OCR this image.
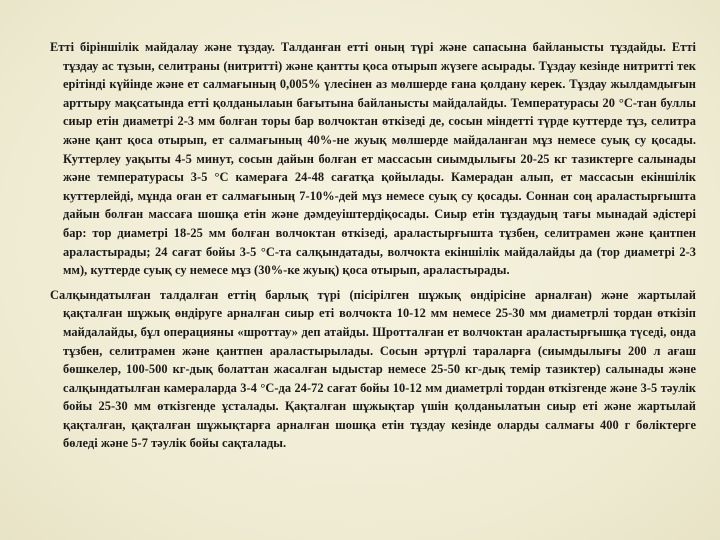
Етті біріншілік майдалау және тұздау. Талданған етті оның түрі және сапасына байланысты тұздайды. Етті тұздау ас тұзын, селитраны (нитритті) және қантты қоса отырып жүзеге асырады. Тұздау кезінде нитритті тек ерітінді күйінде және ет салмағының 0,005% үлесінен аз мөлшерде ғана қолдану керек. Тұздау жылдамдығын арттыру мақсатында етті қолданылаын бағытына байланысты майдалайды. Температурасы 20 °С-тан буллы сиыр етін диаметрі 2-3 мм болған торы бар волчоктан өткізеді де, сосын міндетті түрде куттерде тұз, селитра және қант қоса отырып, ет салмағының 40%-не жуық мөлшерде майдаланған мұз немесе суық су қосады. Куттерлеу уақыты 4-5 минут, сосын дайын болған ет массасын сиымдылығы 20-25 кг тазиктерге салынады және температурасы 3-5 °С камераға 24-48 сағатқа қойылады. Камерадан алып, ет массасын екіншілік куттерлейді, мұнда оған ет салмағының 7-10%-дей мұз немесе суық су қосады. Соннан соң араластырғышта дайын болған массаға шошқа етін және дәмдеуіштердіқосады. Сиыр етін тұздаудың тағы мынадай әдістері бар: тор диаметрі 18-25 мм болған волчоктан өткізеді, араластырғышта тұзбен, селитрамен және қантпен араластырады; 24 сағат бойы 3-5 °С-та салқындатады, волчокта екіншілік майдалайды да (тор диаметрі 2-3 мм), куттерде суық су немесе мұз (30%-ке жуық) қоса отырып, араластырады.

Салқындатылған талдалған еттің барлық түрі (пісірілген шұжық өндірісіне арналған) және жартылай қақталған шұжық өндіруге арналған сиыр еті волчокта 10-12 мм немесе 25-30 мм диаметрлі тордан өткізіп майдалайды, бұл операцияны «шроттау» деп атайды. Шротталған ет волчоктан араластырғышқа түседі, онда тұзбен, селитрамен және қантпен араластырылады. Сосын әртүрлі тараларға (сиымдылығы 200 л ағаш бөшкелер, 100-500 кг-дық болаттан жасалған ыдыстар немесе 25-50 кг-дық темір тазиктер) салынады және салқындатылған камераларда 3-4 °С-да 24-72 сағат бойы 10-12 мм диаметрлі тордан өткізгенде және 3-5 тәулік бойы 25-30 мм өткізгенде ұсталады. Қақталған шұжықтар үшін қолданылатын сиыр еті және жартылай қақталған, қақталған шұжықтарға арналған шошқа етін тұздау кезінде оларды салмағы 400 г бөліктерге бөледі және 5-7 тәулік бойы сақталады.
